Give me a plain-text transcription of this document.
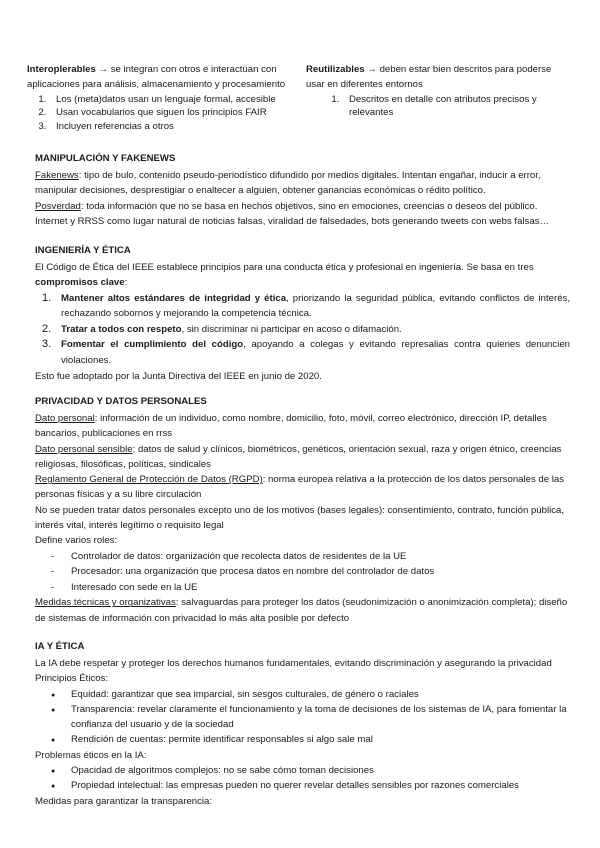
Interoplerables → se integran con otros e interactúan con aplicaciones para análisis, almacenamiento y procesamiento

1. Los (meta)datos usan un lenguaje formal, accesible
2. Usan vocabularios que siguen los principios FAIR
3. Incluyen referencias a otros

Reutilizables → deben estar bien descritos para poderse usar en diferentes entornos

1. Descritos en detalle con atributos precisos y relevantes
MANIPULACIÓN Y FAKENEWS

Fakenews: tipo de bulo, contenido pseudo-periodístico difundido por medios digitales. Intentan engañar, inducir a error, manipular decisiones, desprestigiar o enaltecer a alguien, obtener ganancias económicas o rédito político.

Posverdad: toda información que no se basa en hechos objetivos, sino en emociones, creencias o deseos del público. Internet y RRSS como lugar natural de noticias falsas, viralidad de falsedades, bots generando tweets con webs falsas…

INGENIERÍA Y ÉTICA

El Código de Ética del IEEE establece principios para una conducta ética y profesional en ingeniería. Se basa en tres compromisos clave:

1. Mantener altos estándares de integridad y ética, priorizando la seguridad pública, evitando conflictos de interés, rechazando sobornos y mejorando la competencia técnica.
2. Tratar a todos con respeto, sin discriminar ni participar en acoso o difamación.
3. Fomentar el cumplimiento del código, apoyando a colegas y evitando represalias contra quienes denuncien violaciones.

Esto fue adoptado por la Junta Directiva del IEEE en junio de 2020.

PRIVACIDAD Y DATOS PERSONALES

Dato personal: información de un individuo, como nombre, domicilio, foto, móvil, correo electrónico, dirección IP, detalles bancarios, publicaciones en rrss

Dato personal sensible: datos de salud y clínicos, biométricos, genéticos, orientación sexual, raza y origen étnico, creencias religiosas, filosóficas, políticas, sindicales

Reglamento General de Protección de Datos (RGPD): norma europea relativa a la protección de los datos personales de las personas físicas y a su libre circulación

No se pueden tratar datos personales excepto uno de los motivos (bases legales): consentimiento, contrato, función pública, interés vital, interés legítimo o requisito legal

Define varios roles:

- Controlador de datos: organización que recolecta datos de residentes de la UE
- Procesador: una organización que procesa datos en nombre del controlador de datos
- Interesado con sede en la UE

Medidas técnicas y organizativas: salvaguardas para proteger los datos (seudonimización o anonimización completa); diseño de sistemas de información con privacidad lo más alta posible por defecto

IA Y ÉTICA

La IA debe respetar y proteger los derechos humanos fundamentales, evitando discriminación y asegurando la privacidad

Principios Éticos:

● Equidad: garantizar que sea imparcial, sin sesgos culturales, de género o raciales
● Transparencia: revelar claramente el funcionamiento y la toma de decisiones de los sistemas de IA, para fomentar la confianza del usuario y de la sociedad
● Rendición de cuentas: permite identificar responsables si algo sale mal

Problemas éticos en la IA:

● Opacidad de algoritmos complejos: no se sabe cómo toman decisiones
● Propiedad intelectual: las empresas pueden no querer revelar detalles sensibles por razones comerciales

Medidas para garantizar la transparencia:
